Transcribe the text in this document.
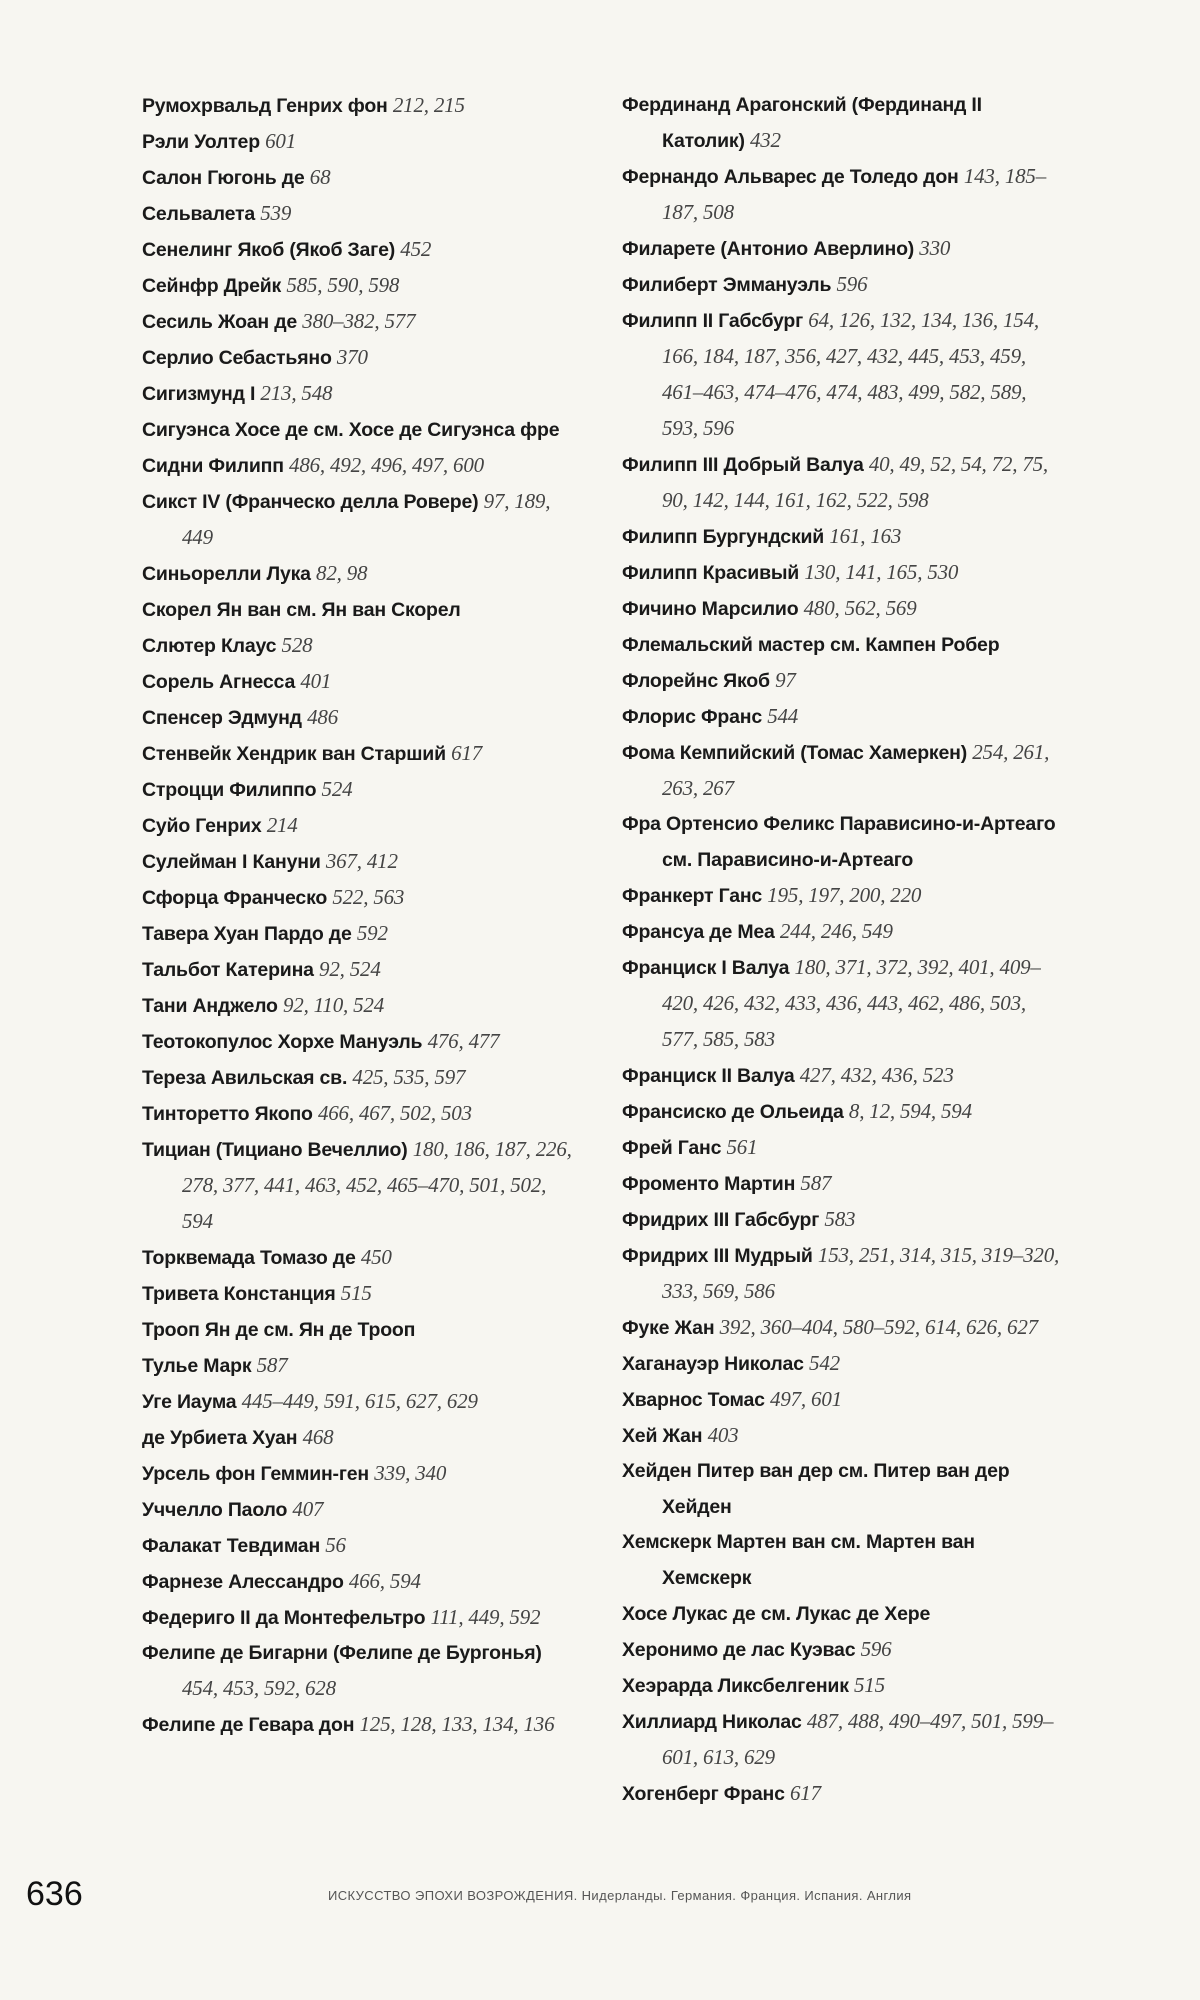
Румохрвальд Генрих фон 212, 215
Рэли Уолтер 601
Салон Гюгонь де 68
Сельвалета 539
Сенелинг Якоб (Якоб Заге) 452
Сейнфр Дрейк 585, 590, 598
Сесиль Жоан де 380–382, 577
Серлио Себастьяно 370
Сигизмунд I 213, 548
Сигуэнса Хосе де см. Хосе де Сигуэнса фре
Сидни Филипп 486, 492, 496, 497, 600
Сикст IV (Франческо делла Ровере) 97, 189, 449
Синьорелли Лука 82, 98
Скорел Ян ван см. Ян ван Скорел
Слютер Клаус 528
Сорель Агнесса 401
Спенсер Эдмунд 486
Стенвейк Хендрик ван Старший 617
Строцци Филиппо 524
Суйо Генрих 214
Сулейман I Кануни 367, 412
Сфорца Франческо 522, 563
Тавера Хуан Пардо де 592
Тальбот Катерина 92, 524
Тани Анджело 92, 110, 524
Теотокопулос Хорхе Мануэль 476, 477
Тереза Авильская св. 425, 535, 597
Тинторетто Якопо 466, 467, 502, 503
Тициан (Тициано Вечеллио) 180, 186, 187, 226, 278, 377, 441, 463, 452, 465–470, 501, 502, 594
Торквемада Томазо де 450
Тривета Констанция 515
Трооп Ян де см. Ян де Трооп
Тулье Марк 587
Уге Иаума 445–449, 591, 615, 627, 629
де Урбиета Хуан 468
Урсель фон Геммин-ген 339, 340
Уччелло Паоло 407
Фалакат Тевдиман 56
Фарнезе Алессандро 466, 594
Федериго II да Монтефельтро 111, 449, 592
Фелипе де Бигарни (Фелипе де Бургонья) 454, 453, 592, 628
Фелипе де Гевара дон 125, 128, 133, 134, 136
Фердинанд Арагонский (Фердинанд II Католик) 432
Фернандо Альварес де Толедо дон 143, 185–187, 508
Филарете (Антонио Аверлино) 330
Филиберт Эммануэль 596
Филипп II Габсбург 64, 126, 132, 134, 136, 154, 166, 184, 187, 356, 427, 432, 445, 453, 459, 461–463, 474–476, 474, 483, 499, 582, 589, 593, 596
Филипп III Добрый Валуа 40, 49, 52, 54, 72, 75, 90, 142, 144, 161, 162, 522, 598
Филипп Бургундский 161, 163
Филипп Красивый 130, 141, 165, 530
Фичино Марсилио 480, 562, 569
Флемальский мастер см. Кампен Робер
Флорейнс Якоб 97
Флорис Франс 544
Фома Кемпийский (Томас Хамеркен) 254, 261, 263, 267
Фра Ортенсио Феликс Парависино-и-Артеаго см. Парависино-и-Артеаго
Франкерт Ганс 195, 197, 200, 220
Франсуа де Меа 244, 246, 549
Франциск I Валуа 180, 371, 372, 392, 401, 409–420, 426, 432, 433, 436, 443, 462, 486, 503, 577, 585, 583
Франциск II Валуа 427, 432, 436, 523
Франсиско де Ольеида 8, 12, 594, 594
Фрей Ганс 561
Фроменто Мартин 587
Фридрих III Габсбург 583
Фридрих III Мудрый 153, 251, 314, 315, 319–320, 333, 569, 586
Фуке Жан 392, 360–404, 580–592, 614, 626, 627
Хаганауэр Николас 542
Хварнос Томас 497, 601
Хей Жан 403
Хейден Питер ван дер см. Питер ван дер Хейден
Хемскерк Мартен ван см. Мартен ван Хемскерк
Хосе Лукас де см. Лукас де Херe
Херонимо де лас Куэвас 596
Хеэрарда Ликсбелгеник 515
Хиллиард Николас 487, 488, 490–497, 501, 599–601, 613, 629
Хогенберг Франс 617
636	ИСКУССТВО ЭПОХИ ВОЗРОЖДЕНИЯ. Нидерланды. Германия. Франция. Испания. Англия
